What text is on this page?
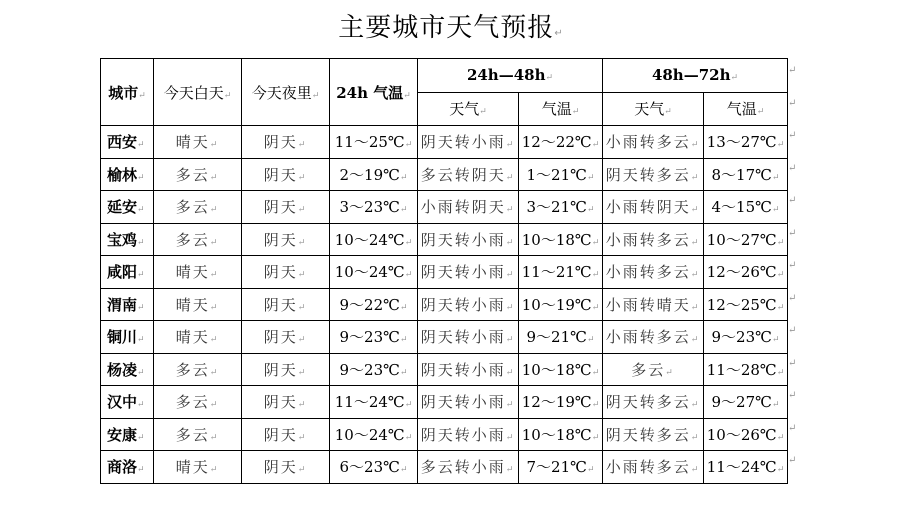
主要城市天气预报↵
城市↵	今天白天↵	今天夜里↵	24h 气温↵	24h—48h↵		48h—72h↵	
				天气↵	气温↵	天气↵	气温↵
西安↵	晴天↵	阴天↵	11～25℃↵	阴天转小雨↵	12～22℃↵	小雨转多云↵	13～27℃↵
榆林↵	多云↵	阴天↵	2～19℃↵	多云转阴天↵	1～21℃↵	阴天转多云↵	8～17℃↵
延安↵	多云↵	阴天↵	3～23℃↵	小雨转阴天↵	3～21℃↵	小雨转阴天↵	4～15℃↵
宝鸡↵	多云↵	阴天↵	10～24℃↵	阴天转小雨↵	10～18℃↵	小雨转多云↵	10～27℃↵
咸阳↵	晴天↵	阴天↵	10～24℃↵	阴天转小雨↵	11～21℃↵	小雨转多云↵	12～26℃↵
渭南↵	晴天↵	阴天↵	9～22℃↵	阴天转小雨↵	10～19℃↵	小雨转晴天↵	12～25℃↵
铜川↵	晴天↵	阴天↵	9～23℃↵	阴天转小雨↵	9～21℃↵	小雨转多云↵	9～23℃↵
杨凌↵	多云↵	阴天↵	9～23℃↵	阴天转小雨↵	10～18℃↵	多云↵	11～28℃↵
汉中↵	多云↵	阴天↵	11～24℃↵	阴天转小雨↵	12～19℃↵	阴天转多云↵	9～27℃↵
安康↵	多云↵	阴天↵	10～24℃↵	阴天转小雨↵	10～18℃↵	阴天转多云↵	10～26℃↵
商洛↵	晴天↵	阴天↵	6～23℃↵	多云转小雨↵	7～21℃↵	小雨转多云↵	11～24℃↵
↵
↵
↵
↵
↵
↵
↵
↵
↵
↵
↵
↵
↵
